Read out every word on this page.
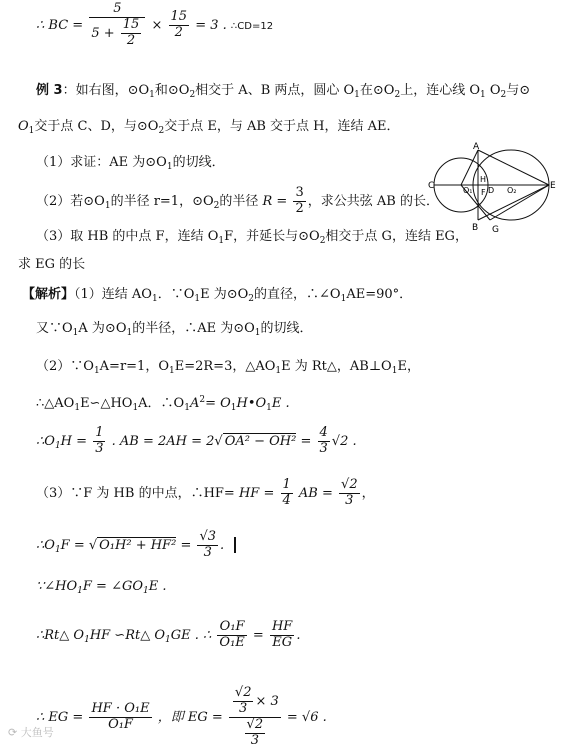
∴ BC = $\frac{5}{5 + \frac{15}{2}} \times \frac{15}{2} = 3$ . ∴CD=12
例 3：如右图，$⊙O_1$和$⊙O_2$相交于 A、B 两点，圆心 $O_1$在$⊙O_2$上，连心线 $O_1$ $O_2$与⊙
$O_1$交于点 C、D，与$⊙O_2$交于点 E，与 AB 交于点 H，连结 AE．
（1）求证：AE 为$⊙O_1$的切线．
（2）若$⊙O_1$的半径 r=1，$⊙O_2$的半径 $R = \frac{3}{2}$ ，求公共弦 AB 的长．
（3）取 HB 的中点 F，连结 $O_1F$，并延长与$⊙O_2$相交于点 G，连结 EG，
求 EG 的长
A
B
C	D	E
F
G
H
O₁	O₂
【解析】（1）连结 $AO_1$．$\because O_1E$ 为$⊙O_2$的直径，$\therefore\angle O_1AE=90^\circ$．
又$\because O_1A$ 为$⊙O_1$的半径，∴AE 为$⊙O_1$的切线．
$(2)\because O_1A=r=1$，$O_1E=2R=3$，$\triangle AO_1E$ 为 Rt△，$AB\perp O_1E$，
$\therefore\triangle AO_1E∽\triangle HO_1A$．$\therefore O_1A^2=$ $O_1H•O_1E$ .
$\therefore O_1H = \frac{1}{3}$ . AB = 2AH = 2√ $OA^2 - OH^2 = \frac{4}{3} √2$ .
（3）∵F 为 HB 的中点，∴HF= HF = $\frac{1}{4}$ AB = $\frac{√2}{3}$ ，
$\therefore O_1F$ = √ $O_1H^2 + HF^2 = \frac{√3}{3}$ .
$\because\angle HO_1F$ = $\angle GO_1E$ .
∴Rt△ $O_1HF$ ∽Rt△ $O_1GE$ . ∴ $\frac{\text{O₁F}}{\text{O₁E}} = \frac{HF}{EG}$ .
∴ EG = $\frac{\text{HF · O₁E}}{\text{O₁F}}$ ，即 EG = $\frac{\frac{√2}{3} \times 3}{\frac{√2}{3}} = √6$ .
⟳ 大鱼号
